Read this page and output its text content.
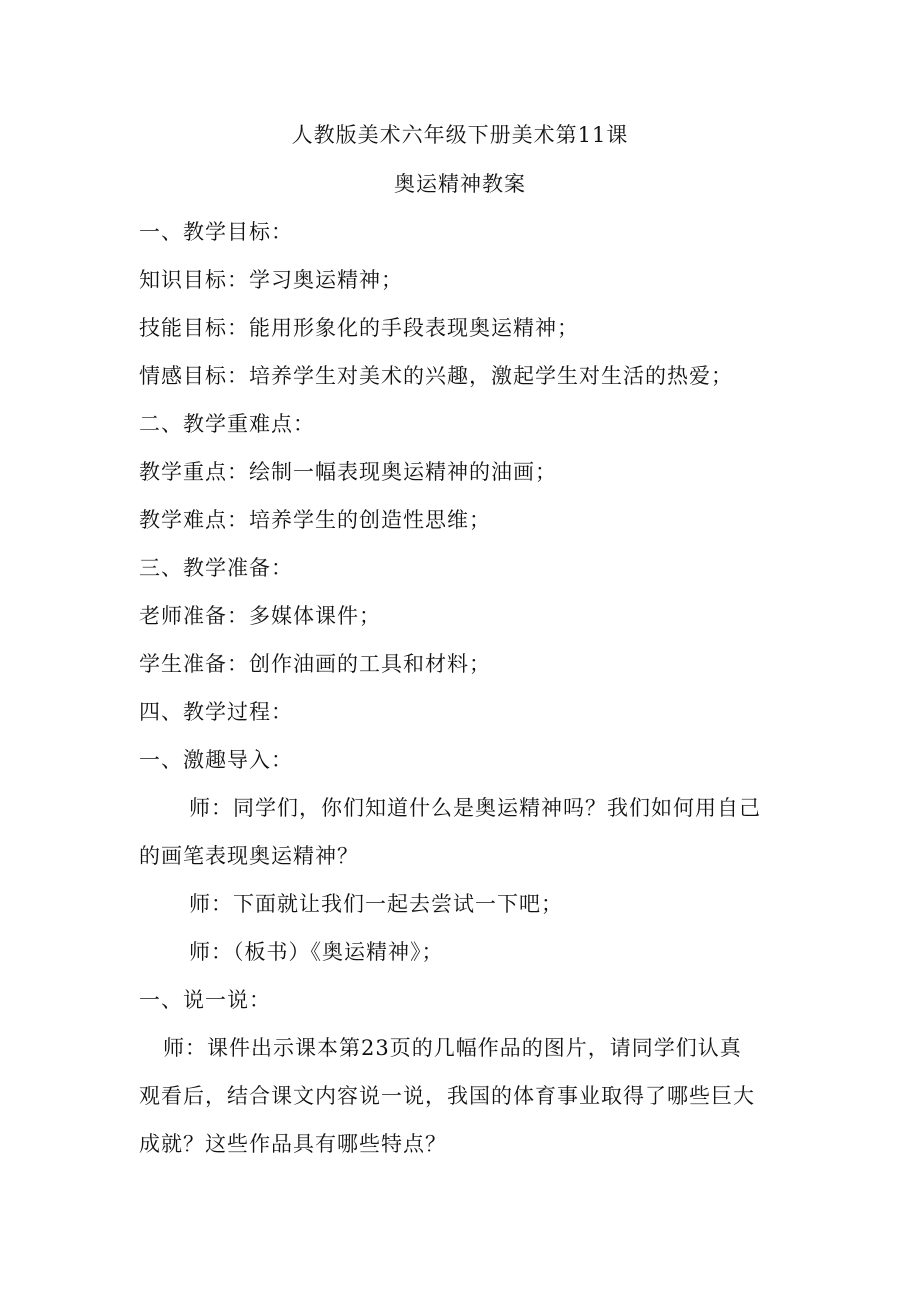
人教版美术六年级下册美术第11课
奥运精神教案
一、教学目标：
知识目标：学习奥运精神；
技能目标：能用形象化的手段表现奥运精神；
情感目标：培养学生对美术的兴趣，激起学生对生活的热爱；
二、教学重难点：
教学重点：绘制一幅表现奥运精神的油画；
教学难点：培养学生的创造性思维；
三、教学准备：
老师准备：多媒体课件；
学生准备：创作油画的工具和材料；
四、教学过程：
一、激趣导入：
师：同学们，你们知道什么是奥运精神吗？我们如何用自己
的画笔表现奥运精神？
师：下面就让我们一起去尝试一下吧；
师：（板书）《奥运精神》；
一、说一说：
师：课件出示课本第23页的几幅作品的图片，请同学们认真
观看后，结合课文内容说一说，我国的体育事业取得了哪些巨大
成就？这些作品具有哪些特点？
